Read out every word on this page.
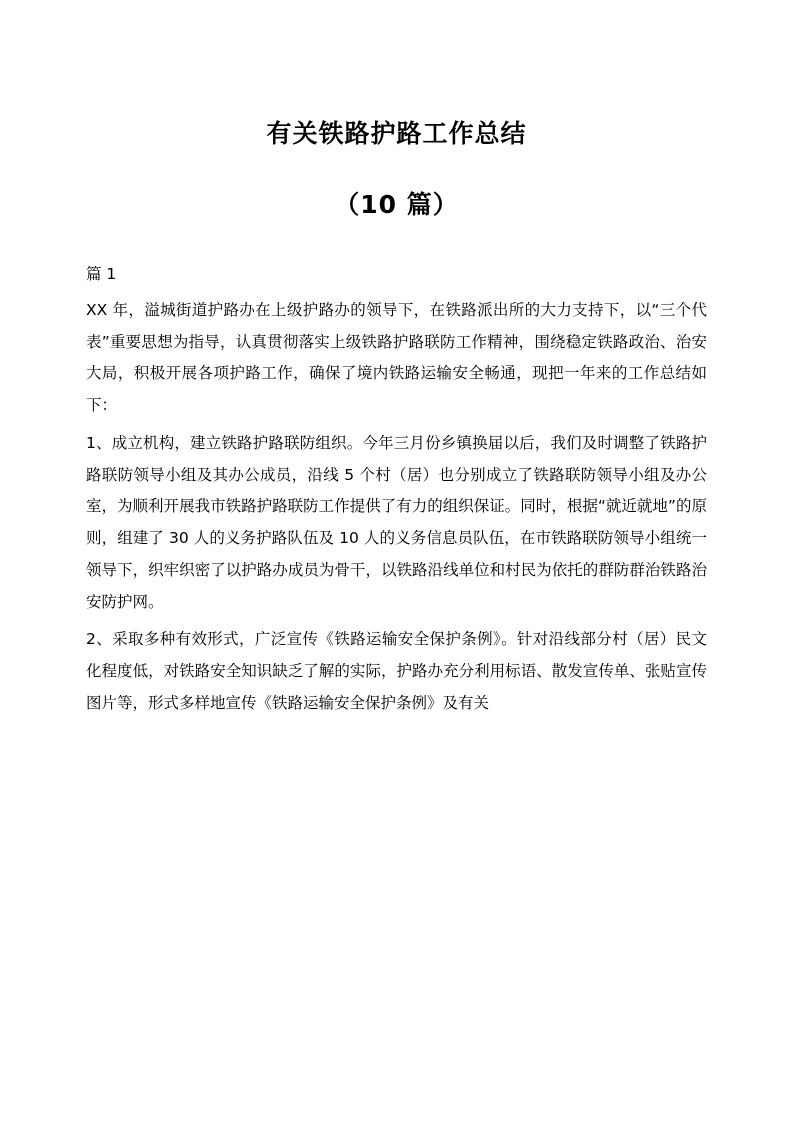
有关铁路护路工作总结
（10 篇）
篇 1

XX 年，溢城街道护路办在上级护路办的领导下，在铁路派出所的大力支持下，以“三个代表”重要思想为指导，认真贯彻落实上级铁路护路联防工作精神，围绕稳定铁路政治、治安大局，积极开展各项护路工作，确保了境内铁路运输安全畅通，现把一年来的工作总结如下：

1、成立机构，建立铁路护路联防组织。今年三月份乡镇换届以后，我们及时调整了铁路护路联防领导小组及其办公成员，沿线 5 个村（居）也分别成立了铁路联防领导小组及办公室，为顺利开展我市铁路护路联防工作提供了有力的组织保证。同时，根据“就近就地”的原则，组建了 30 人的义务护路队伍及 10 人的义务信息员队伍，在市铁路联防领导小组统一领导下，织牢织密了以护路办成员为骨干，以铁路沿线单位和村民为依托的群防群治铁路治安防护网。

2、采取多种有效形式，广泛宣传《铁路运输安全保护条例》。针对沿线部分村（居）民文化程度低，对铁路安全知识缺乏了解的实际，护路办充分利用标语、散发宣传单、张贴宣传图片等，形式多样地宣传《铁路运输安全保护条例》及有关
